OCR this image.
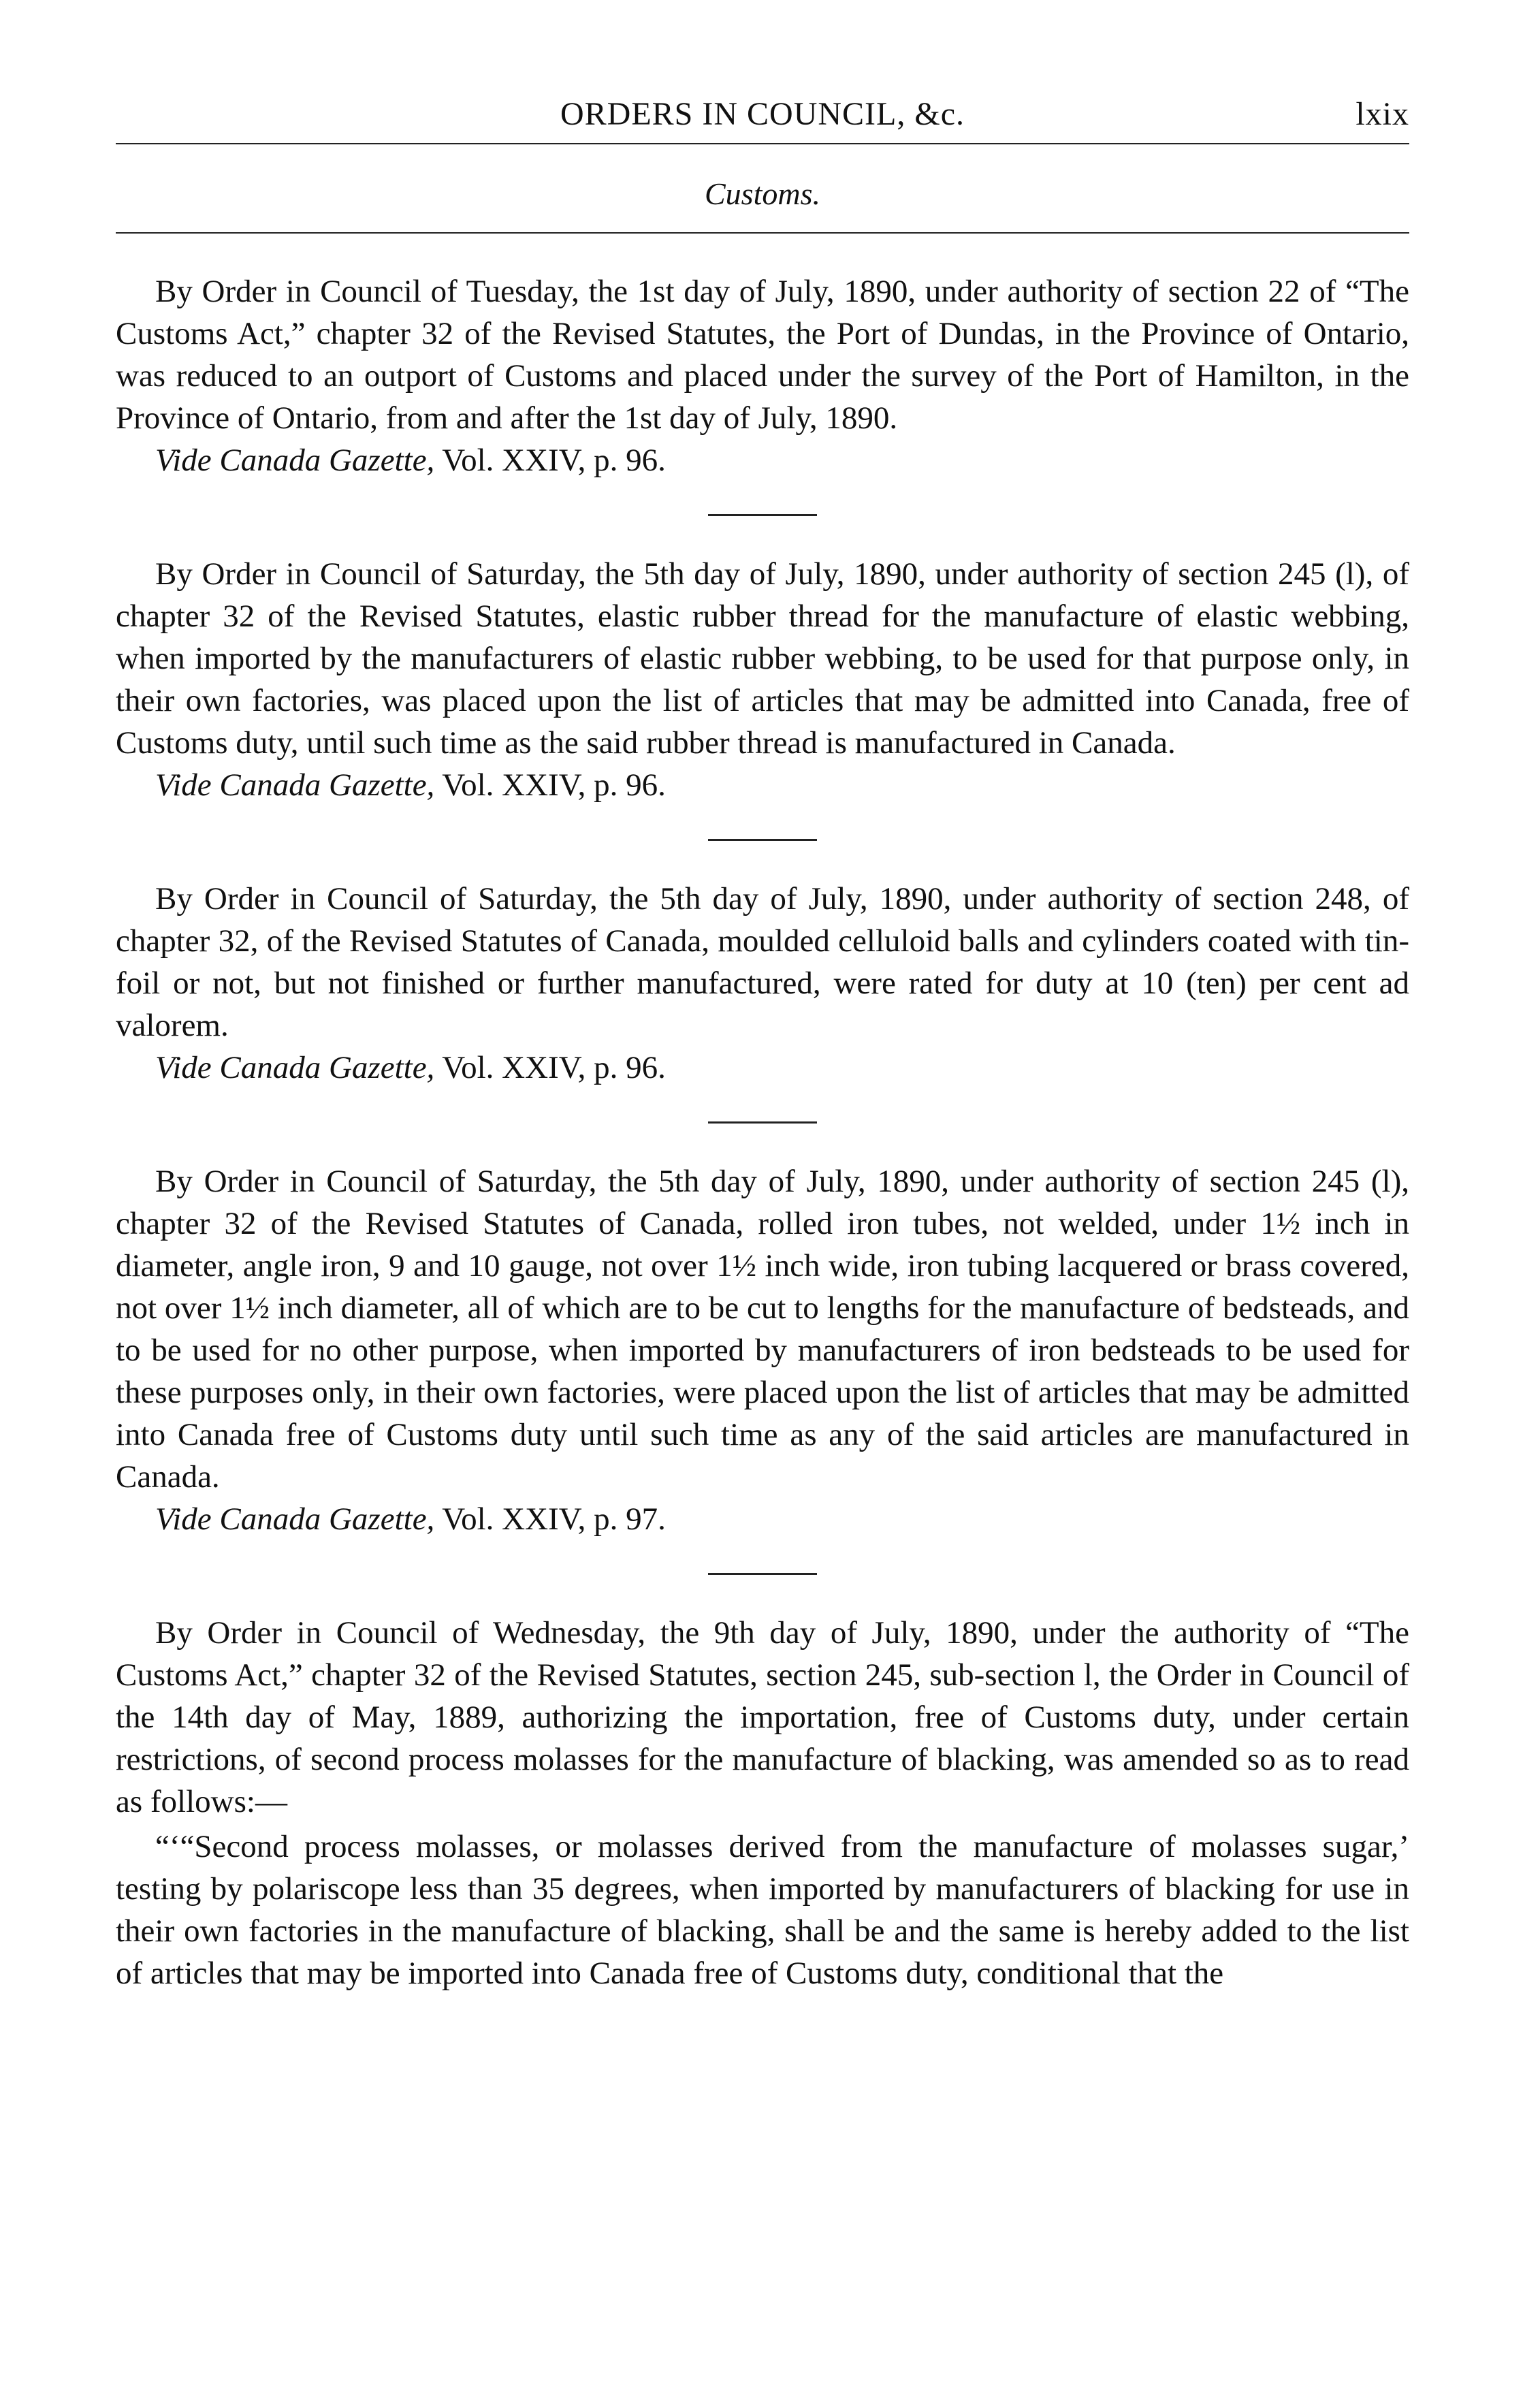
ORDERS IN COUNCIL, &c.	lxix
Customs.
By Order in Council of Tuesday, the 1st day of July, 1890, under authority of section 22 of “The Customs Act,” chapter 32 of the Revised Statutes, the Port of Dundas, in the Province of Ontario, was reduced to an outport of Customs and placed under the survey of the Port of Hamilton, in the Province of Ontario, from and after the 1st day of July, 1890.
Vide Canada Gazette, Vol. XXIV, p. 96.
By Order in Council of Saturday, the 5th day of July, 1890, under authority of section 245 (l), of chapter 32 of the Revised Statutes, elastic rubber thread for the manufacture of elastic webbing, when imported by the manufacturers of elastic rubber webbing, to be used for that purpose only, in their own factories, was placed upon the list of articles that may be admitted into Canada, free of Customs duty, until such time as the said rubber thread is manufactured in Canada.
Vide Canada Gazette, Vol. XXIV, p. 96.
By Order in Council of Saturday, the 5th day of July, 1890, under authority of section 248, of chapter 32, of the Revised Statutes of Canada, moulded celluloid balls and cylinders coated with tin-foil or not, but not finished or further manufactured, were rated for duty at 10 (ten) per cent ad valorem.
Vide Canada Gazette, Vol. XXIV, p. 96.
By Order in Council of Saturday, the 5th day of July, 1890, under authority of section 245 (l), chapter 32 of the Revised Statutes of Canada, rolled iron tubes, not welded, under 1½ inch in diameter, angle iron, 9 and 10 gauge, not over 1½ inch wide, iron tubing lacquered or brass covered, not over 1½ inch diameter, all of which are to be cut to lengths for the manufacture of bedsteads, and to be used for no other purpose, when imported by manufacturers of iron bedsteads to be used for these purposes only, in their own factories, were placed upon the list of articles that may be admitted into Canada free of Customs duty until such time as any of the said articles are manufactured in Canada.
Vide Canada Gazette, Vol. XXIV, p. 97.
By Order in Council of Wednesday, the 9th day of July, 1890, under the authority of “The Customs Act,” chapter 32 of the Revised Statutes, section 245, sub-section l, the Order in Council of the 14th day of May, 1889, authorizing the importation, free of Customs duty, under certain restrictions, of second process molasses for the manufacture of blacking, was amended so as to read as follows:—
“‘“Second process molasses, or molasses derived from the manufacture of molasses sugar,’ testing by polariscope less than 35 degrees, when imported by manufacturers of blacking for use in their own factories in the manufacture of blacking, shall be and the same is hereby added to the list of articles that may be imported into Canada free of Customs duty, conditional that the
